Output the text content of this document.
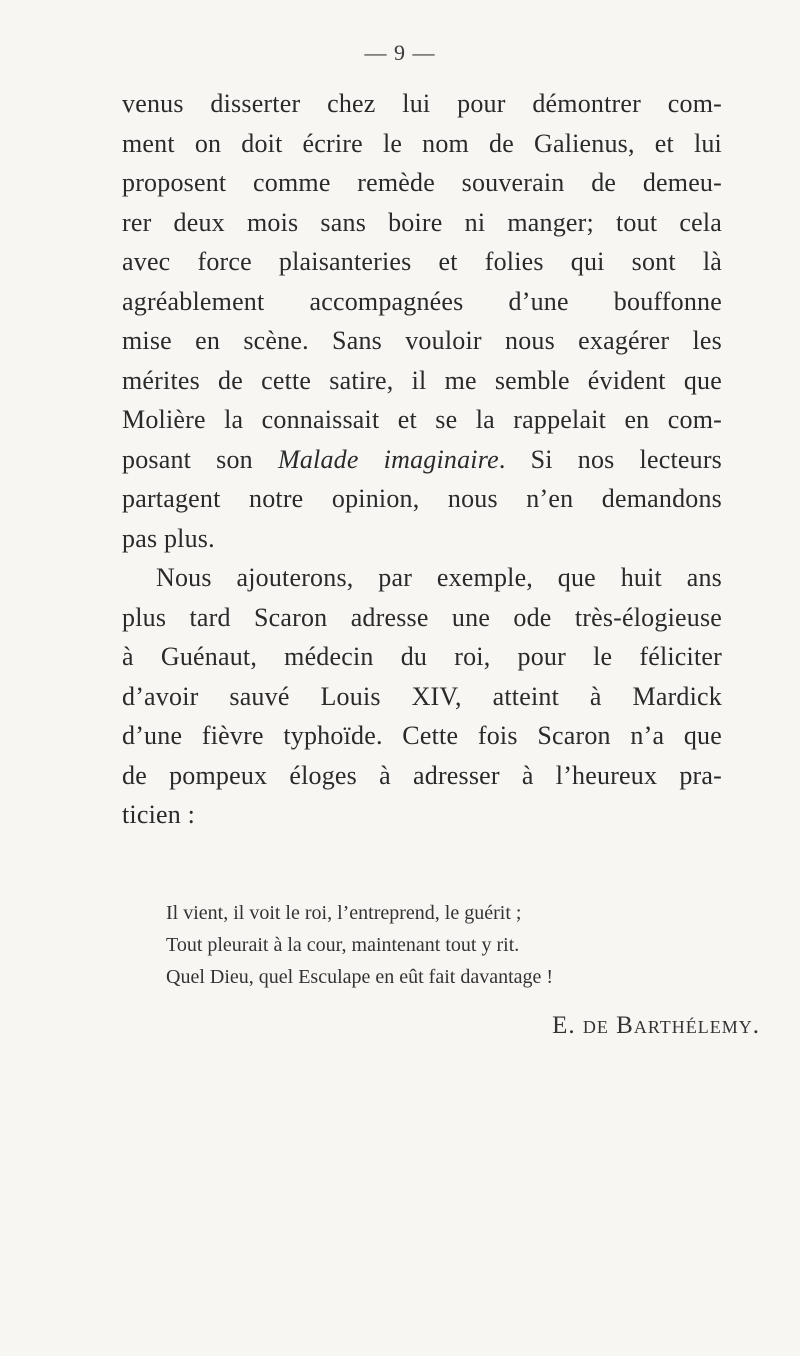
— 9 —
venus disserter chez lui pour démontrer com-
ment on doit écrire le nom de Galienus, et lui
proposent comme remède souverain de demeu-
rer deux mois sans boire ni manger; tout cela
avec force plaisanteries et folies qui sont là
agréablement accompagnées d’une bouffonne
mise en scène. Sans vouloir nous exagérer les
mérites de cette satire, il me semble évident que
Molière la connaissait et se la rappelait en com-
posant son Malade imaginaire. Si nos lecteurs
partagent notre opinion, nous n’en demandons
pas plus.
Nous ajouterons, par exemple, que huit ans
plus tard Scaron adresse une ode très-élogieuse
à Guénaut, médecin du roi, pour le féliciter
d’avoir sauvé Louis XIV, atteint à Mardick
d’une fièvre typhoïde. Cette fois Scaron n’a que
de pompeux éloges à adresser à l’heureux pra-
ticien :
Il vient, il voit le roi, l’entreprend, le guérit ;
Tout pleurait à la cour, maintenant tout y rit.
Quel Dieu, quel Esculape en eût fait davantage !
E. de Barthélemy.
